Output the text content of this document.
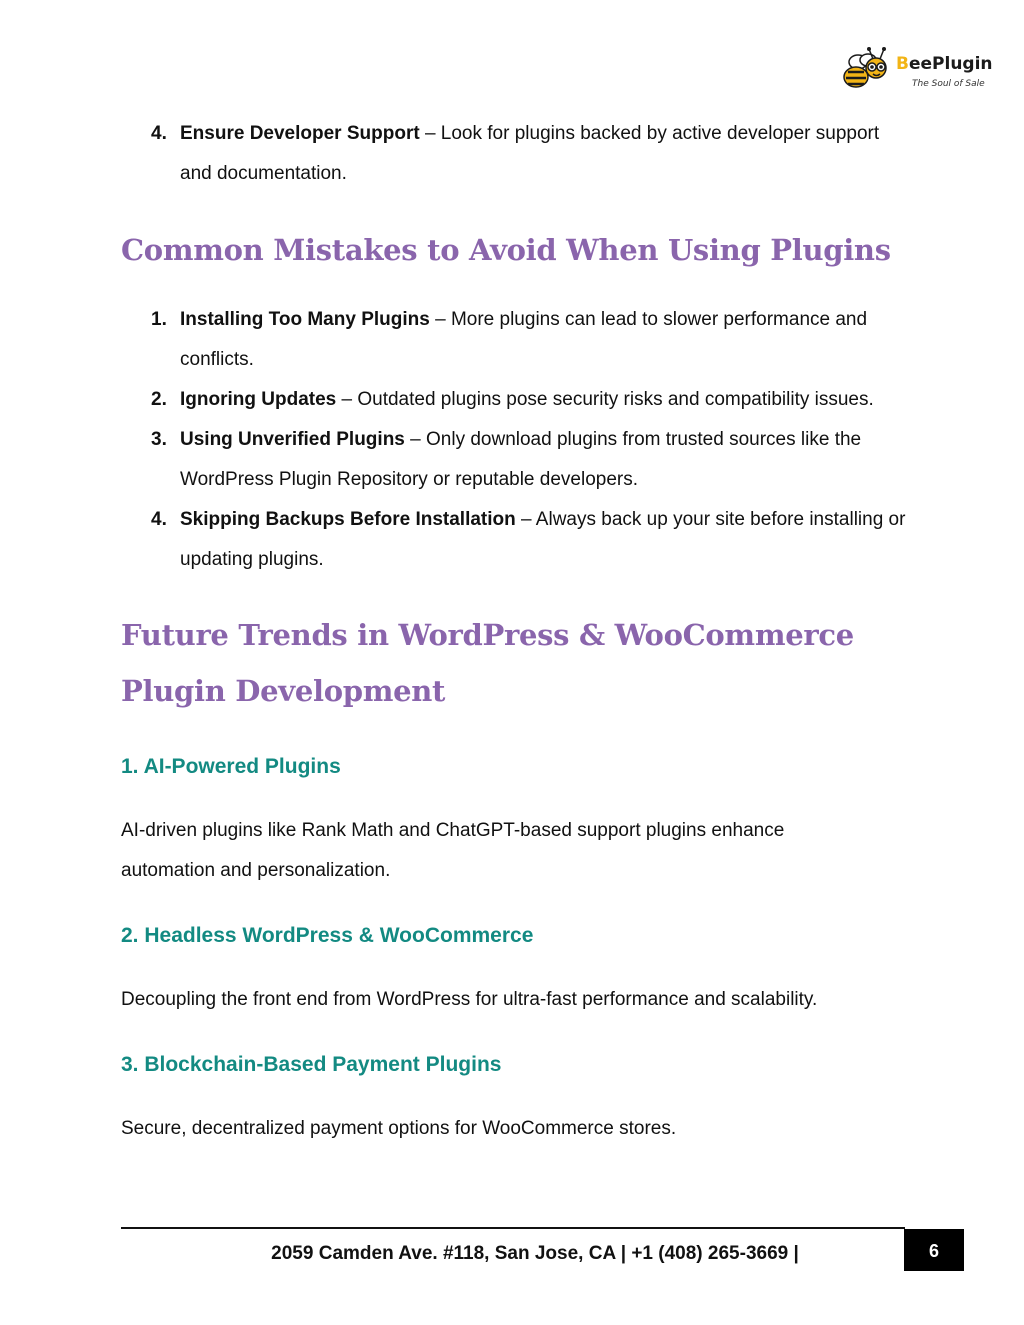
BeePlugin
The Soul of Sale
4. Ensure Developer Support – Look for plugins backed by active developer support and documentation.
Common Mistakes to Avoid When Using Plugins
1. Installing Too Many Plugins – More plugins can lead to slower performance and conflicts.
2. Ignoring Updates – Outdated plugins pose security risks and compatibility issues.
3. Using Unverified Plugins – Only download plugins from trusted sources like the WordPress Plugin Repository or reputable developers.
4. Skipping Backups Before Installation – Always back up your site before installing or updating plugins.
Future Trends in WordPress & WooCommerce Plugin Development
1. AI-Powered Plugins

AI-driven plugins like Rank Math and ChatGPT-based support plugins enhance automation and personalization.

2. Headless WordPress & WooCommerce

Decoupling the front end from WordPress for ultra-fast performance and scalability.

3. Blockchain-Based Payment Plugins

Secure, decentralized payment options for WooCommerce stores.

2059 Camden Ave. #118, San Jose, CA | +1 (408) 265-3669 |	6
